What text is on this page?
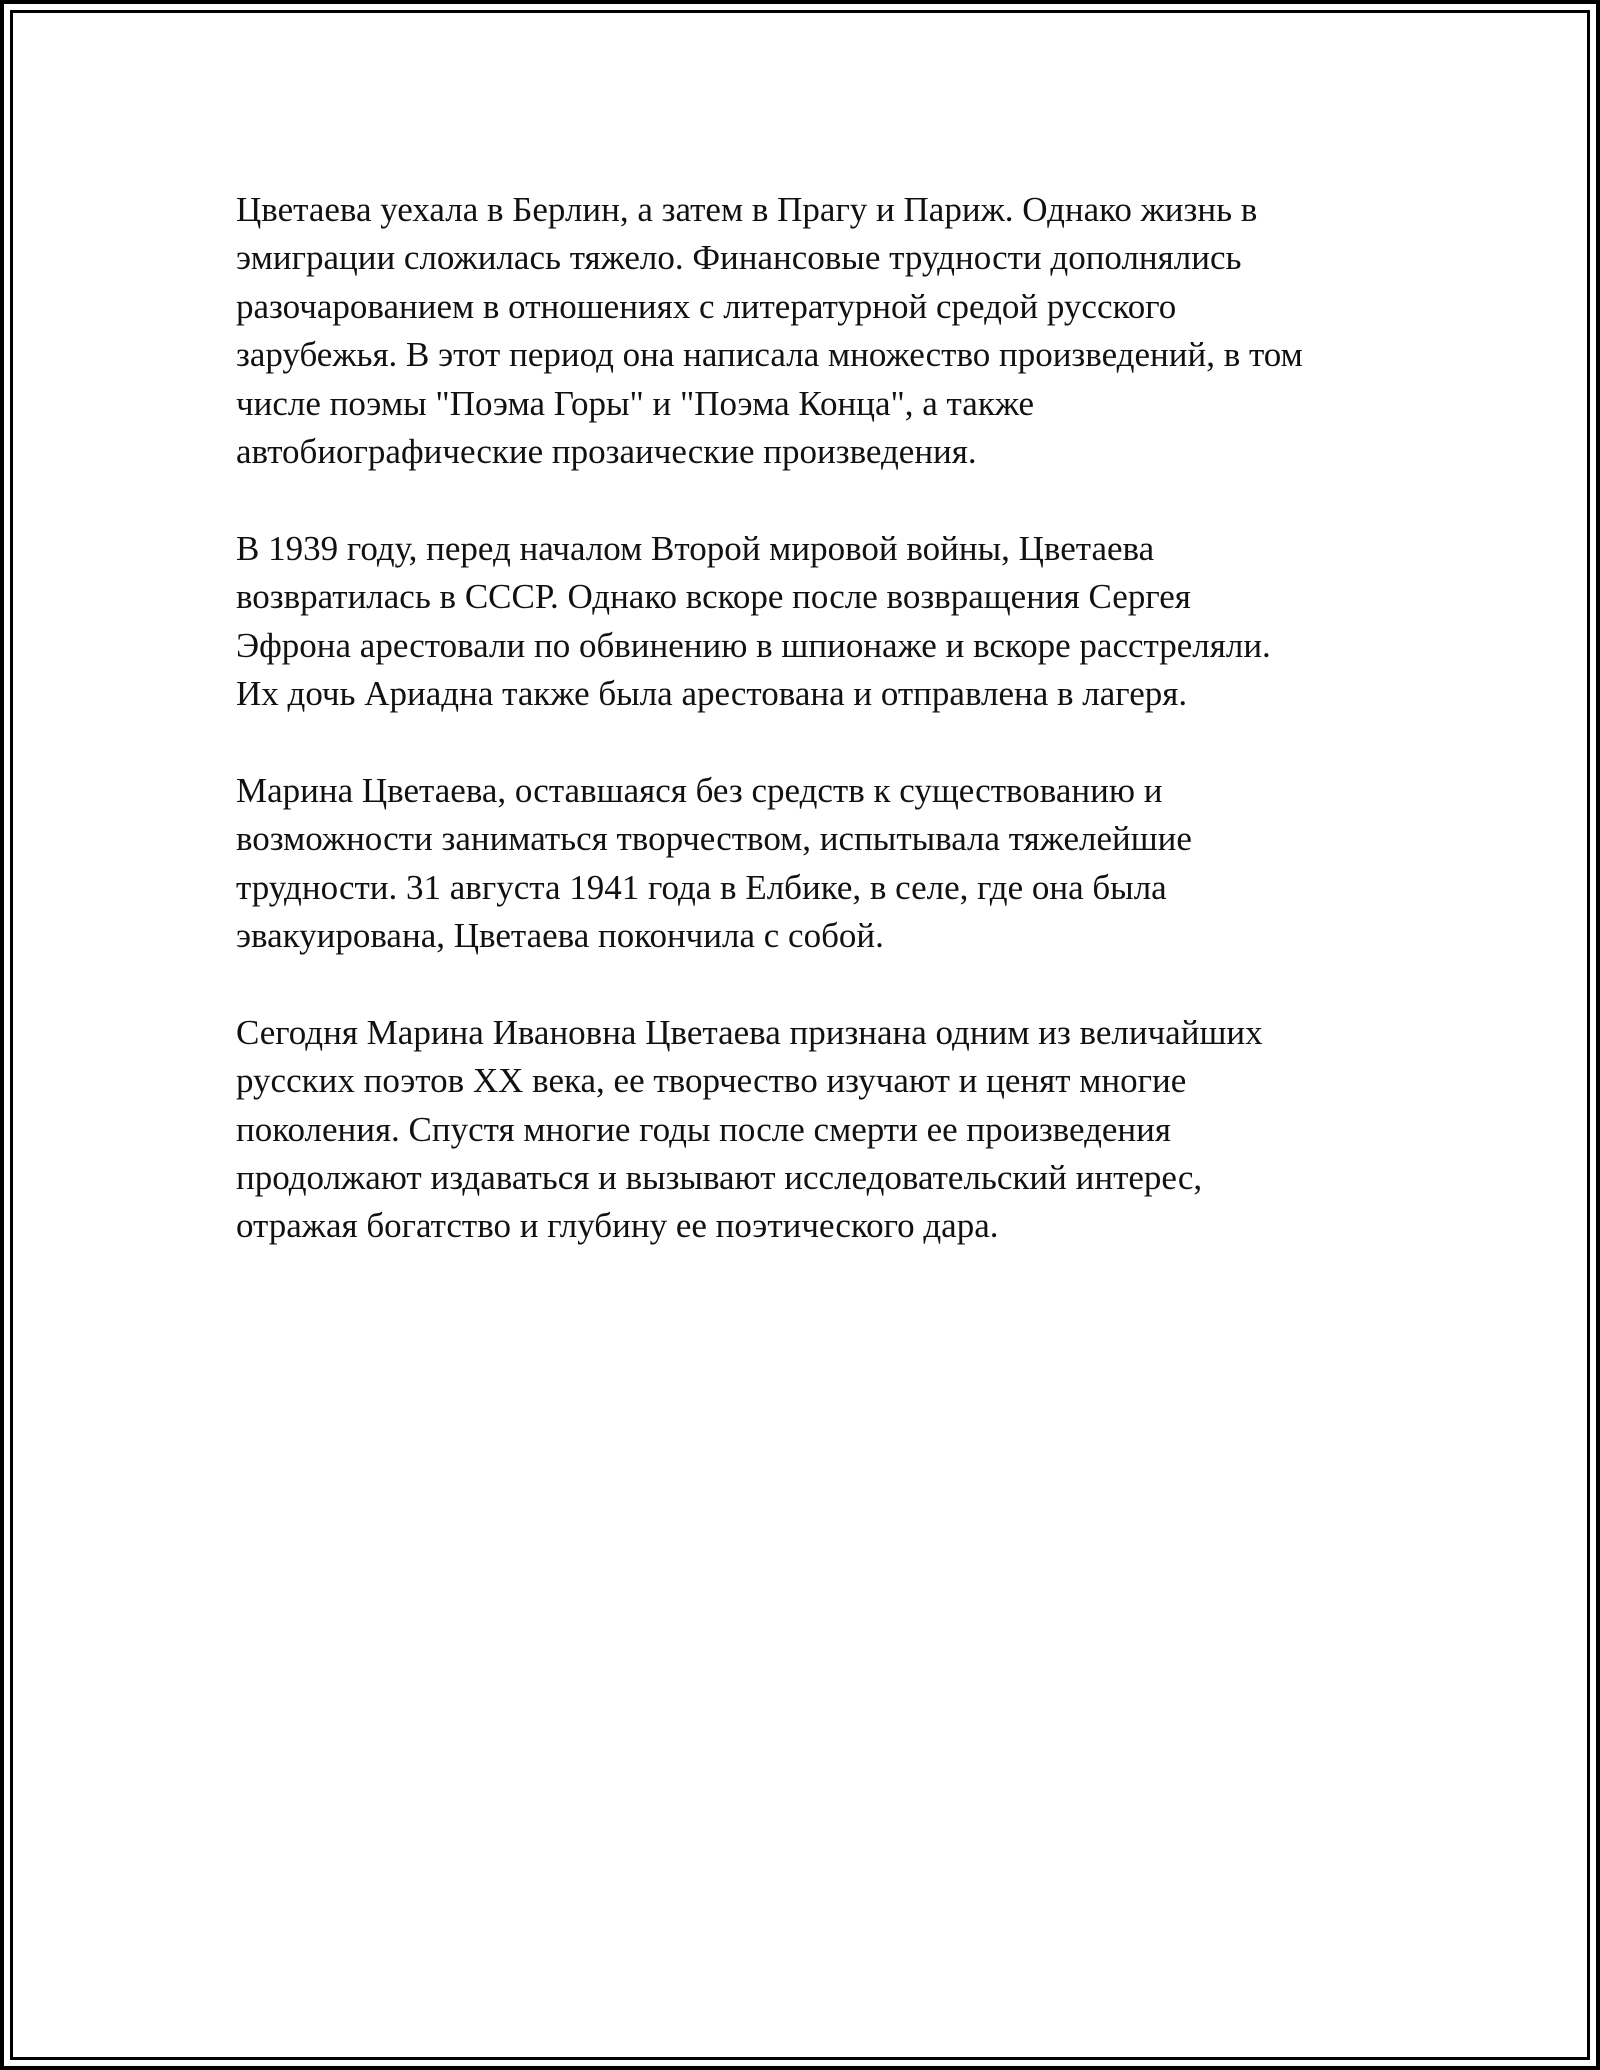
Цветаева уехала в Берлин, а затем в Прагу и Париж. Однако жизнь в
эмиграции сложилась тяжело. Финансовые трудности дополнялись
разочарованием в отношениях с литературной средой русского
зарубежья. В этот период она написала множество произведений, в том
числе поэмы "Поэма Горы" и "Поэма Конца", а также
автобиографические прозаические произведения.

В 1939 году, перед началом Второй мировой войны, Цветаева
возвратилась в СССР. Однако вскоре после возвращения Сергея
Эфрона арестовали по обвинению в шпионаже и вскоре расстреляли.
Их дочь Ариадна также была арестована и отправлена в лагеря.

Марина Цветаева, оставшаяся без средств к существованию и
возможности заниматься творчеством, испытывала тяжелейшие
трудности. 31 августа 1941 года в Елбике, в селе, где она была
эвакуирована, Цветаева покончила с собой.

Сегодня Марина Ивановна Цветаева признана одним из величайших
русских поэтов XX века, ее творчество изучают и ценят многие
поколения. Спустя многие годы после смерти ее произведения
продолжают издаваться и вызывают исследовательский интерес,
отражая богатство и глубину ее поэтического дара.
